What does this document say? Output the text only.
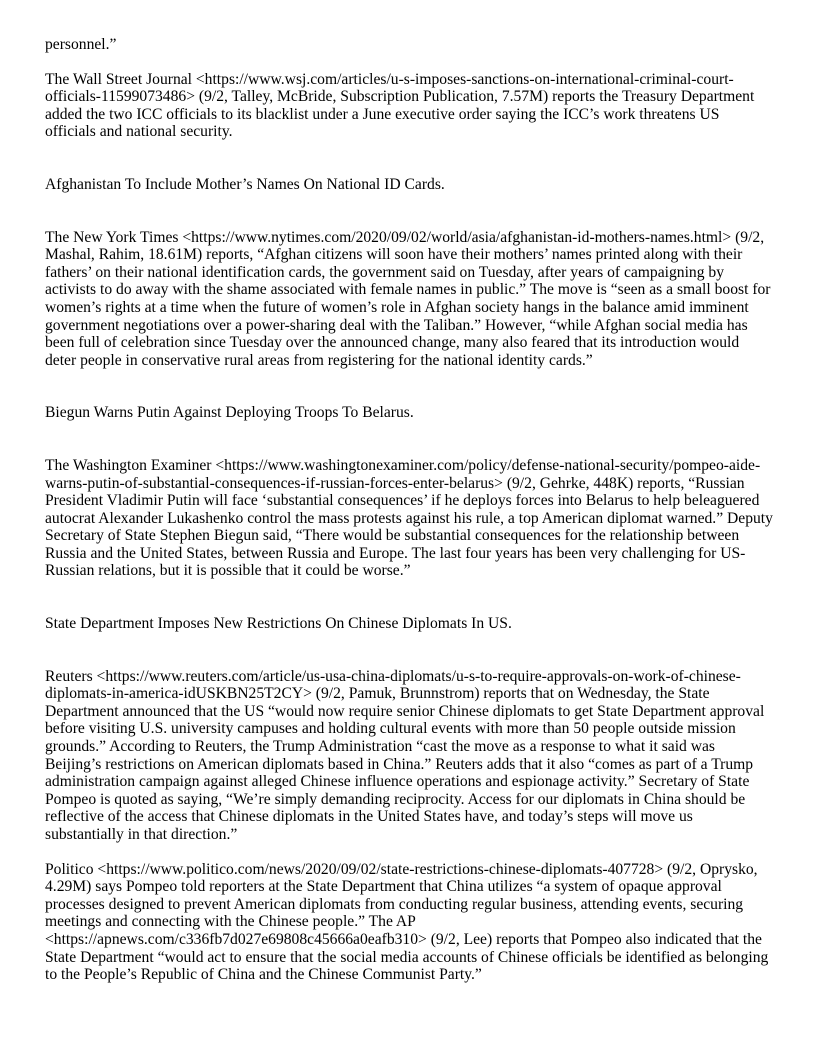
personnel.”

The Wall Street Journal <https://www.wsj.com/articles/u-s-imposes-sanctions-on-international-criminal-court-officials-11599073486> (9/2, Talley, McBride, Subscription Publication, 7.57M) reports the Treasury Department added the two ICC officials to its blacklist under a June executive order saying the ICC’s work threatens US officials and national security.

Afghanistan To Include Mother’s Names On National ID Cards.

The New York Times <https://www.nytimes.com/2020/09/02/world/asia/afghanistan-id-mothers-names.html> (9/2, Mashal, Rahim, 18.61M) reports, “Afghan citizens will soon have their mothers’ names printed along with their fathers’ on their national identification cards, the government said on Tuesday, after years of campaigning by activists to do away with the shame associated with female names in public.” The move is “seen as a small boost for women’s rights at a time when the future of women’s role in Afghan society hangs in the balance amid imminent government negotiations over a power-sharing deal with the Taliban.” However, “while Afghan social media has been full of celebration since Tuesday over the announced change, many also feared that its introduction would deter people in conservative rural areas from registering for the national identity cards.”

Biegun Warns Putin Against Deploying Troops To Belarus.

The Washington Examiner <https://www.washingtonexaminer.com/policy/defense-national-security/pompeo-aide-warns-putin-of-substantial-consequences-if-russian-forces-enter-belarus> (9/2, Gehrke, 448K) reports, “Russian President Vladimir Putin will face ‘substantial consequences’ if he deploys forces into Belarus to help beleaguered autocrat Alexander Lukashenko control the mass protests against his rule, a top American diplomat warned.” Deputy Secretary of State Stephen Biegun said, “There would be substantial consequences for the relationship between Russia and the United States, between Russia and Europe. The last four years has been very challenging for US-Russian relations, but it is possible that it could be worse.”

State Department Imposes New Restrictions On Chinese Diplomats In US.

Reuters <https://www.reuters.com/article/us-usa-china-diplomats/u-s-to-require-approvals-on-work-of-chinese-diplomats-in-america-idUSKBN25T2CY> (9/2, Pamuk, Brunnstrom) reports that on Wednesday, the State Department announced that the US “would now require senior Chinese diplomats to get State Department approval before visiting U.S. university campuses and holding cultural events with more than 50 people outside mission grounds.” According to Reuters, the Trump Administration “cast the move as a response to what it said was Beijing’s restrictions on American diplomats based in China.” Reuters adds that it also “comes as part of a Trump administration campaign against alleged Chinese influence operations and espionage activity.” Secretary of State Pompeo is quoted as saying, “We’re simply demanding reciprocity. Access for our diplomats in China should be reflective of the access that Chinese diplomats in the United States have, and today’s steps will move us substantially in that direction.”

Politico <https://www.politico.com/news/2020/09/02/state-restrictions-chinese-diplomats-407728> (9/2, Oprysko, 4.29M) says Pompeo told reporters at the State Department that China utilizes “a system of opaque approval processes designed to prevent American diplomats from conducting regular business, attending events, securing meetings and connecting with the Chinese people.” The AP <https://apnews.com/c336fb7d027e69808c45666a0eafb310> (9/2, Lee) reports that Pompeo also indicated that the State Department “would act to ensure that the social media accounts of Chinese officials be identified as belonging to the People’s Republic of China and the Chinese Communist Party.”
